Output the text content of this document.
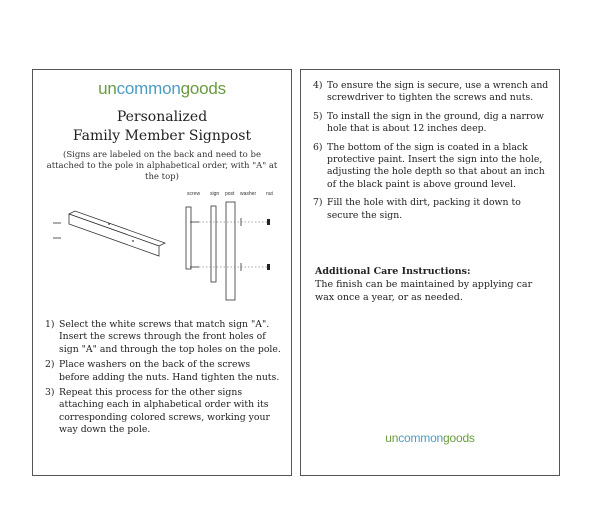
uncommongoods
Personalized
Family Member Signpost
(Signs are labeled on the back and need to be attached to the pole in alphabetical order, with "A" at the top)
screw sign post washer nut
1) Select the white screws that match sign "A". Insert the screws through the front holes of sign "A" and through the top holes on the pole.
2) Place washers on the back of the screws before adding the nuts. Hand tighten the nuts.
3) Repeat this process for the other signs attaching each in alphabetical order with its corresponding colored screws, working your way down the pole.
4) To ensure the sign is secure, use a wrench and screwdriver to tighten the screws and nuts.
5) To install the sign in the ground, dig a narrow hole that is about 12 inches deep.
6) The bottom of the sign is coated in a black protective paint. Insert the sign into the hole, adjusting the hole depth so that about an inch of the black paint is above ground level.
7) Fill the hole with dirt, packing it down to secure the sign.
Additional Care Instructions:
The finish can be maintained by applying car wax once a year, or as needed.
uncommongoods
